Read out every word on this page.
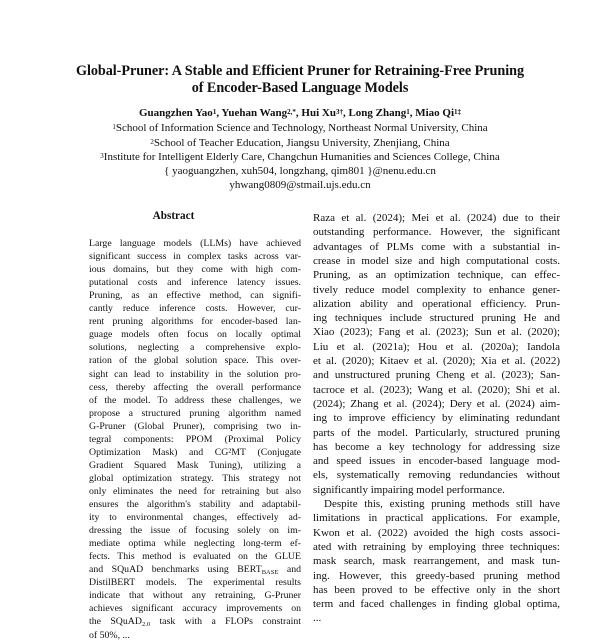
Global-Pruner: A Stable and Efficient Pruner for Retraining-Free Pruning
of Encoder-Based Language Models
Guangzhen Yao$^1$, Yuehan Wang$^{2,*}$, Hui $Xu^{3\dagger}$, Long Zhang$^1$, Miao $Qi^{1\ddagger}$
$^1$School of Information Science and Technology, Northeast Normal University, China
$^2$School of Teacher Education, Jiangsu University, Zhenjiang, China
$^3$Institute for Intelligent Elderly Care, Changchun Humanities and Sciences College, China
{ yaoguangzhen, xuh504, longzhang, qim801 }@nenu.edu.cn
yhwang0809@stmail.ujs.edu.cn
Abstract
Large language models (LLMs) have achieved
significant success in complex tasks across var-
ious domains, but they come with high com-
putational costs and inference latency issues.
Pruning, as an effective method, can signifi-
cantly reduce inference costs. However, cur-
rent pruning algorithms for encoder-based lan-
guage models often focus on locally optimal
solutions, neglecting a comprehensive explo-
ration of the global solution space. This over-
sight can lead to instability in the solution pro-
cess, thereby affecting the overall performance
of the model. To address these challenges, we
propose a structured pruning algorithm named
G-Pruner (Global Pruner), comprising two in-
tegral components: PPOM (Proximal Policy
Optimization Mask) and CG²MT (Conjugate
Gradient Squared Mask Tuning), utilizing a
global optimization strategy. This strategy not
only eliminates the need for retraining but also
ensures the algorithm's stability and adaptabil-
ity to environmental changes, effectively ad-
dressing the issue of focusing solely on im-
mediate optima while neglecting long-term ef-
fects. This method is evaluated on the GLUE
and SQuAD benchmarks using $BERT_{BASE}$ and
DistilBERT models. The experimental results
indicate that without any retraining, G-Pruner
achieves significant accuracy improvements on
the SQuAD$_{2.0}$ task with a FLOPs constraint
of 50%, ...
Raza et al. (2024); Mei et al. (2024) due to their
outstanding performance. However, the significant
advantages of PLMs come with a substantial in-
crease in model size and high computational costs.
Pruning, as an optimization technique, can effec-
tively reduce model complexity to enhance gener-
alization ability and operational efficiency. Prun-
ing techniques include structured pruning He and
Xiao (2023); Fang et al. (2023); Sun et al. (2020);
Liu et al. (2021a); Hou et al. (2020a); Iandola
et al. (2020); Kitaev et al. (2020); Xia et al. (2022)
and unstructured pruning Cheng et al. (2023); San-
tacroce et al. (2023); Wang et al. (2020); Shi et al.
(2024); Zhang et al. (2024); Dery et al. (2024) aim-
ing to improve efficiency by eliminating redundant
parts of the model. Particularly, structured pruning
has become a key technology for addressing size
and speed issues in encoder-based language mod-
els, systematically removing redundancies without
significantly impairing model performance.
Despite this, existing pruning methods still have
limitations in practical applications. For example,
Kwon et al. (2022) avoided the high costs associ-
ated with retraining by employing three techniques:
mask search, mask rearrangement, and mask tun-
ing. However, this greedy-based pruning method
has been proved to be effective only in the short
term and faced challenges in finding global optima,
...
